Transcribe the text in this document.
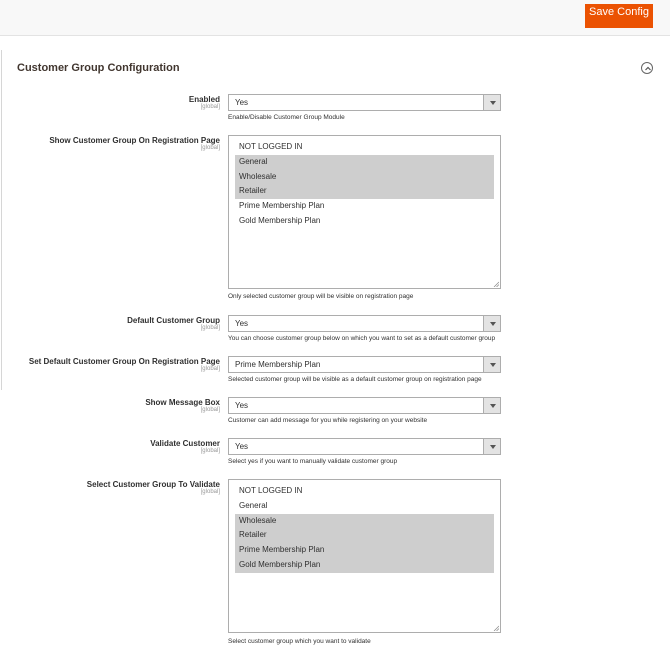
Save Config
Customer Group Configuration
Enabled
[global]	Yes
Enable/Disable Customer Group Module
Show Customer Group On Registration Page
[global]	NOT LOGGED IN
General
Wholesale
Retailer
Prime Membership Plan
Gold Membership Plan
Only selected customer group will be visible on registration page
Default Customer Group
[global]	Yes
You can choose customer group below on which you want to set as a default customer group
Set Default Customer Group On Registration Page
[global]	Prime Membership Plan
Selected customer group will be visible as a default customer group on registration page
Show Message Box
[global]	Yes
Customer can add message for you while registering on your website
Validate Customer
[global]	Yes
Select yes if you want to manually validate customer group
Select Customer Group To Validate
[global]	NOT LOGGED IN
General
Wholesale
Retailer
Prime Membership Plan
Gold Membership Plan
Select customer group which you want to validate
